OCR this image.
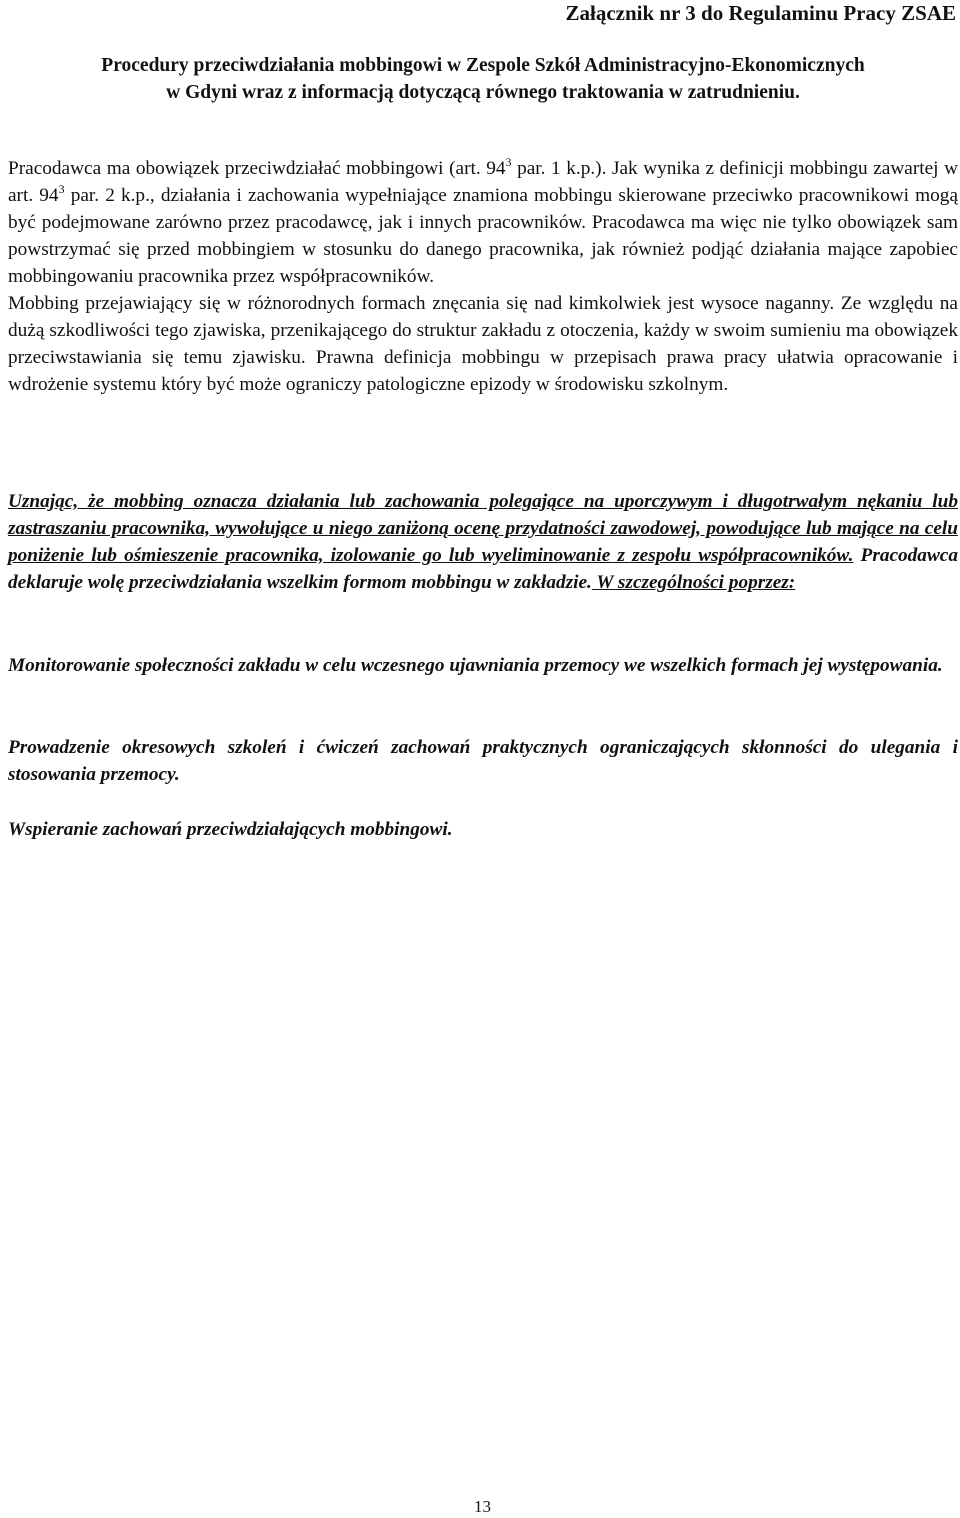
Załącznik nr 3 do Regulaminu Pracy ZSAE

Procedury przeciwdziałania mobbingowi w Zespole Szkół Administracyjno-Ekonomicznych
w Gdyni wraz z informacją dotyczącą równego traktowania w zatrudnieniu.

Pracodawca ma obowiązek przeciwdziałać mobbingowi (art. $94^3$ par. 1 k.p.). Jak wynika z definicji mobbingu zawartej w art. $94^3$ par. 2 k.p., działania i zachowania wypełniające znamiona mobbingu skierowane przeciwko pracownikowi mogą być podejmowane zarówno przez pracodawcę, jak i innych pracowników. Pracodawca ma więc nie tylko obowiązek sam powstrzymać się przed mobbingiem w stosunku do danego pracownika, jak również podjąć działania mające zapobiec mobbingowaniu pracownika przez współpracowników.
Mobbing przejawiający się w różnorodnych formach znęcania się nad kimkolwiek jest wysoce naganny. Ze względu na dużą szkodliwości tego zjawiska, przenikającego do struktur zakładu z otoczenia, każdy w swoim sumieniu ma obowiązek przeciwstawiania się temu zjawisku. Prawna definicja mobbingu w przepisach prawa pracy ułatwia opracowanie i wdrożenie systemu który być może ograniczy patologiczne epizody w środowisku szkolnym.

Uznając, że mobbing oznacza działania lub zachowania polegające na uporczywym i długotrwałym nękaniu lub zastraszaniu pracownika, wywołujące u niego zaniżoną ocenę przydatności zawodowej, powodujące lub mające na celu poniżenie lub ośmieszenie pracownika, izolowanie go lub wyeliminowanie z zespołu współpracowników. Pracodawca deklaruje wolę przeciwdziałania wszelkim formom mobbingu w zakładzie. W szczególności poprzez:

Monitorowanie społeczności zakładu w celu wczesnego ujawniania przemocy we wszelkich formach jej występowania.

Prowadzenie okresowych szkoleń i ćwiczeń zachowań praktycznych ograniczających skłonności do ulegania i stosowania przemocy.

Wspieranie zachowań przeciwdziałających mobbingowi.

13
